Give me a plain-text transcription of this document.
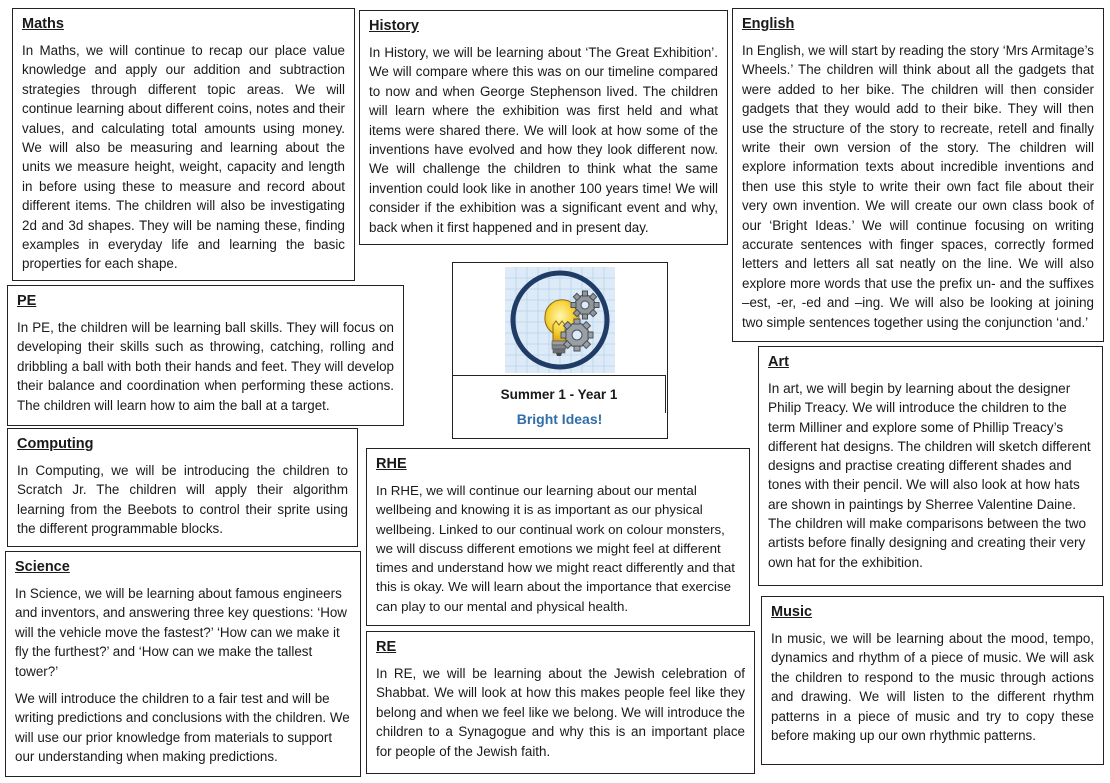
Maths

In Maths, we will continue to recap our place value knowledge and apply our addition and subtraction strategies through different topic areas. We will continue learning about different coins, notes and their values, and calculating total amounts using money. We will also be measuring and learning about the units we measure height, weight, capacity and length in before using these to measure and record about different items. The children will also be investigating 2d and 3d shapes. They will be naming these, finding examples in everyday life and learning the basic properties for each shape.

History

In History, we will be learning about ‘The Great Exhibition’. We will compare where this was on our timeline compared to now and when George Stephenson lived. The children will learn where the exhibition was first held and what items were shared there. We will look at how some of the inventions have evolved and how they look different now. We will challenge the children to think what the same invention could look like in another 100 years time! We will consider if the exhibition was a significant event and why, back when it first happened and in present day.

English

In English, we will start by reading the story ‘Mrs Armitage’s Wheels.’ The children will think about all the gadgets that were added to her bike. The children will then consider gadgets that they would add to their bike. They will then use the structure of the story to recreate, retell and finally write their own version of the story. The children will explore information texts about incredible inventions and then use this style to write their own fact file about their very own invention. We will create our own class book of our ‘Bright Ideas.’ We will continue focusing on writing accurate sentences with finger spaces, correctly formed letters and letters all sat neatly on the line. We will also explore more words that use the prefix un- and the suffixes –est, -er, -ed and –ing. We will also be looking at joining two simple sentences together using the conjunction ‘and.’

PE

In PE, the children will be learning ball skills. They will focus on developing their skills such as throwing, catching, rolling and dribbling a ball with both their hands and feet. They will develop their balance and coordination when performing these actions. The children will learn how to aim the ball at a target.

Computing

In Computing, we will be introducing the children to Scratch Jr. The children will apply their algorithm learning from the Beebots to control their sprite using the different programmable blocks.

Science

In Science, we will be learning about famous engineers and inventors, and answering three key questions: ‘How will the vehicle move the fastest?’ ‘How can we make it fly the furthest?’ and ‘How can we make the tallest tower?’

We will introduce the children to a fair test and will be writing predictions and conclusions with the children. We will use our prior knowledge from materials to support our understanding when making predictions.

RHE

In RHE, we will continue our learning about our mental wellbeing and knowing it is as important as our physical wellbeing. Linked to our continual work on colour monsters, we will discuss different emotions we might feel at different times and understand how we might react differently and that this is okay. We will learn about the importance that exercise can play to our mental and physical health.

RE

In RE, we will be learning about the Jewish celebration of Shabbat. We will look at how this makes people feel like they belong and when we feel like we belong. We will introduce the children to a Synagogue and why this is an important place for people of the Jewish faith.

Art

In art, we will begin by learning about the designer Philip Treacy. We will introduce the children to the term Milliner and explore some of Phillip Treacy’s different hat designs. The children will sketch different designs and practise creating different shades and tones with their pencil. We will also look at how hats are shown in paintings by Sherree Valentine Daine. The children will make comparisons between the two artists before finally designing and creating their very own hat for the exhibition.

Music

In music, we will be learning about the mood, tempo, dynamics and rhythm of a piece of music. We will ask the children to respond to the music through actions and drawing. We will listen to the different rhythm patterns in a piece of music and try to copy these before making up our own rhythmic patterns.

Summer 1 - Year 1
Bright Ideas!
